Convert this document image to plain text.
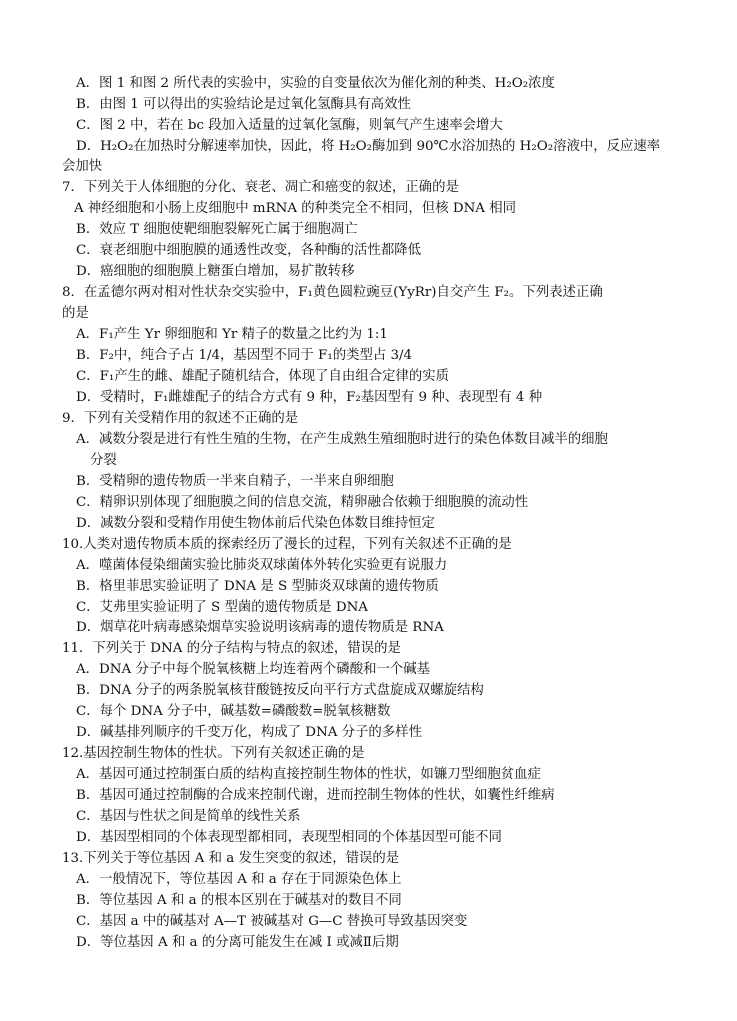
A．图 1 和图 2 所代表的实验中，实验的自变量依次为催化剂的种类、H₂O₂浓度
B．由图 1 可以得出的实验结论是过氧化氢酶具有高效性
C．图 2 中，若在 bc 段加入适量的过氧化氢酶，则氧气产生速率会增大
D．H₂O₂在加热时分解速率加快，因此，将 H₂O₂酶加到 90℃水浴加热的 H₂O₂溶液中，反应速率
会加快
7．下列关于人体细胞的分化、衰老、凋亡和癌变的叙述，正确的是
A 神经细胞和小肠上皮细胞中 mRNA 的种类完全不相同，但核 DNA 相同
B．效应 T 细胞使靶细胞裂解死亡属于细胞凋亡
C．衰老细胞中细胞膜的通透性改变，各种酶的活性都降低
D．癌细胞的细胞膜上糖蛋白增加，易扩散转移
8．在孟德尔两对相对性状杂交实验中，F₁黄色圆粒豌豆(YyRr)自交产生 F₂。下列表述正确
的是
A．F₁产生 Yr 卵细胞和 Yr 精子的数量之比约为 1:1
B．F₂中，纯合子占 1/4，基因型不同于 F₁的类型占 3/4
C．F₁产生的雌、雄配子随机结合，体现了自由组合定律的实质
D．受精时，F₁雌雄配子的结合方式有 9 种，F₂基因型有 9 种、表现型有 4 种
9．下列有关受精作用的叙述不正确的是
A．减数分裂是进行有性生殖的生物，在产生成熟生殖细胞时进行的染色体数目减半的细胞
分裂
B．受精卵的遗传物质一半来自精子，一半来自卵细胞
C．精卵识别体现了细胞膜之间的信息交流，精卵融合依赖于细胞膜的流动性
D．减数分裂和受精作用使生物体前后代染色体数目维持恒定
10.人类对遗传物质本质的探索经历了漫长的过程，下列有关叙述不正确的是
A．噬菌体侵染细菌实验比肺炎双球菌体外转化实验更有说服力
B．格里菲思实验证明了 DNA 是 S 型肺炎双球菌的遗传物质
C．艾弗里实验证明了 S 型菌的遗传物质是 DNA
D．烟草花叶病毒感染烟草实验说明该病毒的遗传物质是 RNA
11．下列关于 DNA 的分子结构与特点的叙述，错误的是
A．DNA 分子中每个脱氧核糖上均连着两个磷酸和一个碱基
B．DNA 分子的两条脱氧核苷酸链按反向平行方式盘旋成双螺旋结构
C．每个 DNA 分子中，碱基数=磷酸数=脱氧核糖数
D．碱基排列顺序的千变万化，构成了 DNA 分子的多样性
12.基因控制生物体的性状。下列有关叙述正确的是
A．基因可通过控制蛋白质的结构直接控制生物体的性状，如镰刀型细胞贫血症
B．基因可通过控制酶的合成来控制代谢，进而控制生物体的性状，如囊性纤维病
C．基因与性状之间是简单的线性关系
D．基因型相同的个体表现型都相同，表现型相同的个体基因型可能不同
13.下列关于等位基因 A 和 a 发生突变的叙述，错误的是
A．一般情况下，等位基因 A 和 a 存在于同源染色体上
B．等位基因 A 和 a 的根本区别在于碱基对的数目不同
C．基因 a 中的碱基对 A—T 被碱基对 G—C 替换可导致基因突变
D．等位基因 A 和 a 的分离可能发生在减 I 或减Ⅱ后期
